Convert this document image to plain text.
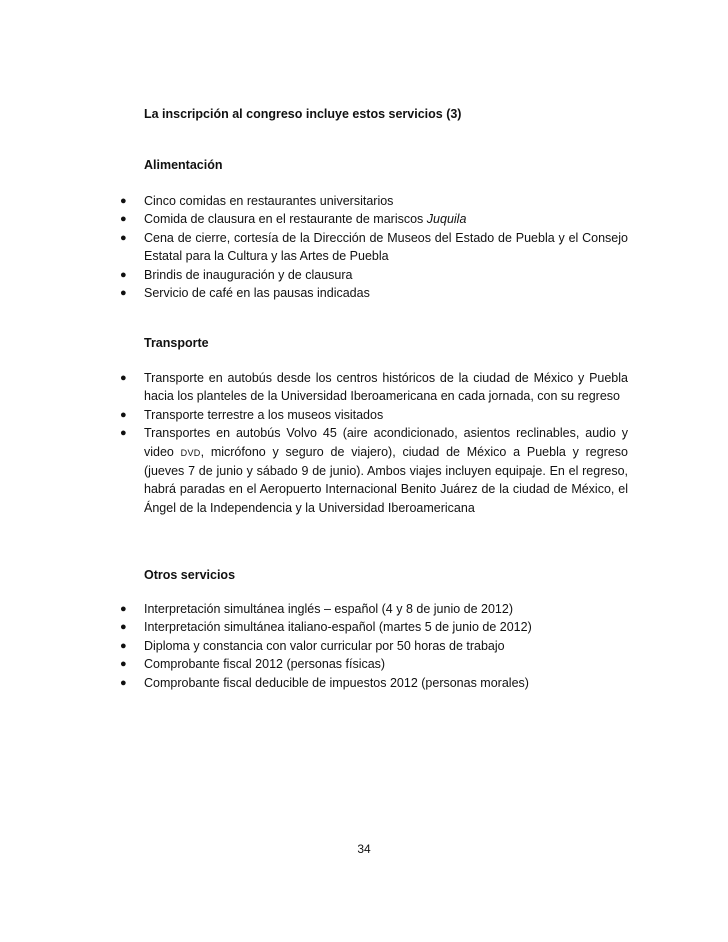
La inscripción al congreso incluye estos servicios (3)

Alimentación

● Cinco comidas en restaurantes universitarios
● Comida de clausura en el restaurante de mariscos Juquila
● Cena de cierre, cortesía de la Dirección de Museos del Estado de Puebla y el Consejo Estatal para la Cultura y las Artes de Puebla
● Brindis de inauguración y de clausura
● Servicio de café en las pausas indicadas

Transporte

● Transporte en autobús desde los centros históricos de la ciudad de México y Puebla hacia los planteles de la Universidad Iberoamericana en cada jornada, con su regreso
● Transporte terrestre a los museos visitados
● Transportes en autobús Volvo 45 (aire acondicionado, asientos reclinables, audio y video DVD, micrófono y seguro de viajero), ciudad de México a Puebla y regreso (jueves 7 de junio y sábado 9 de junio). Ambos viajes incluyen equipaje. En el regreso, habrá paradas en el Aeropuerto Internacional Benito Juárez de la ciudad de México, el Ángel de la Independencia y la Universidad Iberoamericana

Otros servicios

● Interpretación simultánea inglés – español (4 y 8 de junio de 2012)
● Interpretación simultánea italiano-español (martes 5 de junio de 2012)
● Diploma y constancia con valor curricular por 50 horas de trabajo
● Comprobante fiscal 2012 (personas físicas)
● Comprobante fiscal deducible de impuestos 2012 (personas morales)

34
